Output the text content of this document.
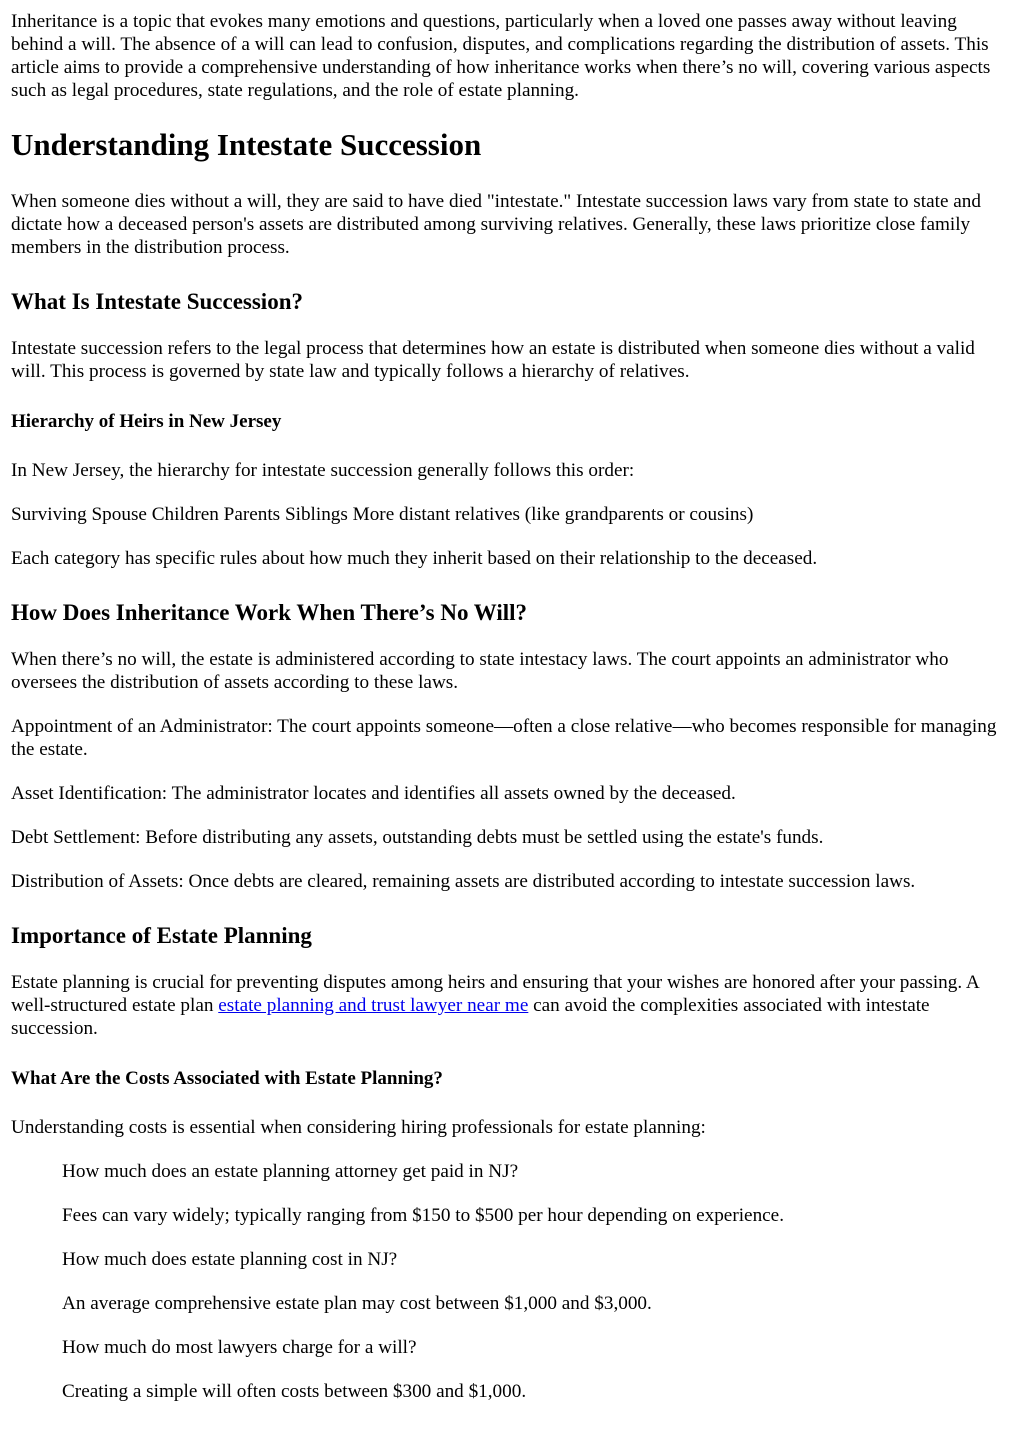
Inheritance is a topic that evokes many emotions and questions, particularly when a loved one passes away without leaving behind a will. The absence of a will can lead to confusion, disputes, and complications regarding the distribution of assets. This article aims to provide a comprehensive understanding of how inheritance works when there’s no will, covering various aspects such as legal procedures, state regulations, and the role of estate planning.

Understanding Intestate Succession

When someone dies without a will, they are said to have died "intestate." Intestate succession laws vary from state to state and dictate how a deceased person's assets are distributed among surviving relatives. Generally, these laws prioritize close family members in the distribution process.

What Is Intestate Succession?

Intestate succession refers to the legal process that determines how an estate is distributed when someone dies without a valid will. This process is governed by state law and typically follows a hierarchy of relatives.

Hierarchy of Heirs in New Jersey

In New Jersey, the hierarchy for intestate succession generally follows this order:

Surviving Spouse Children Parents Siblings More distant relatives (like grandparents or cousins)

Each category has specific rules about how much they inherit based on their relationship to the deceased.

How Does Inheritance Work When There’s No Will?

When there’s no will, the estate is administered according to state intestacy laws. The court appoints an administrator who oversees the distribution of assets according to these laws.

Appointment of an Administrator: The court appoints someone—often a close relative—who becomes responsible for managing the estate.

Asset Identification: The administrator locates and identifies all assets owned by the deceased.

Debt Settlement: Before distributing any assets, outstanding debts must be settled using the estate's funds.

Distribution of Assets: Once debts are cleared, remaining assets are distributed according to intestate succession laws.

Importance of Estate Planning

Estate planning is crucial for preventing disputes among heirs and ensuring that your wishes are honored after your passing. A well-structured estate plan estate planning and trust lawyer near me can avoid the complexities associated with intestate succession.

What Are the Costs Associated with Estate Planning?

Understanding costs is essential when considering hiring professionals for estate planning:

How much does an estate planning attorney get paid in NJ?

Fees can vary widely; typically ranging from $150 to $500 per hour depending on experience.

How much does estate planning cost in NJ?

An average comprehensive estate plan may cost between $1,000 and $3,000.

How much do most lawyers charge for a will?

Creating a simple will often costs between $300 and $1,000.
